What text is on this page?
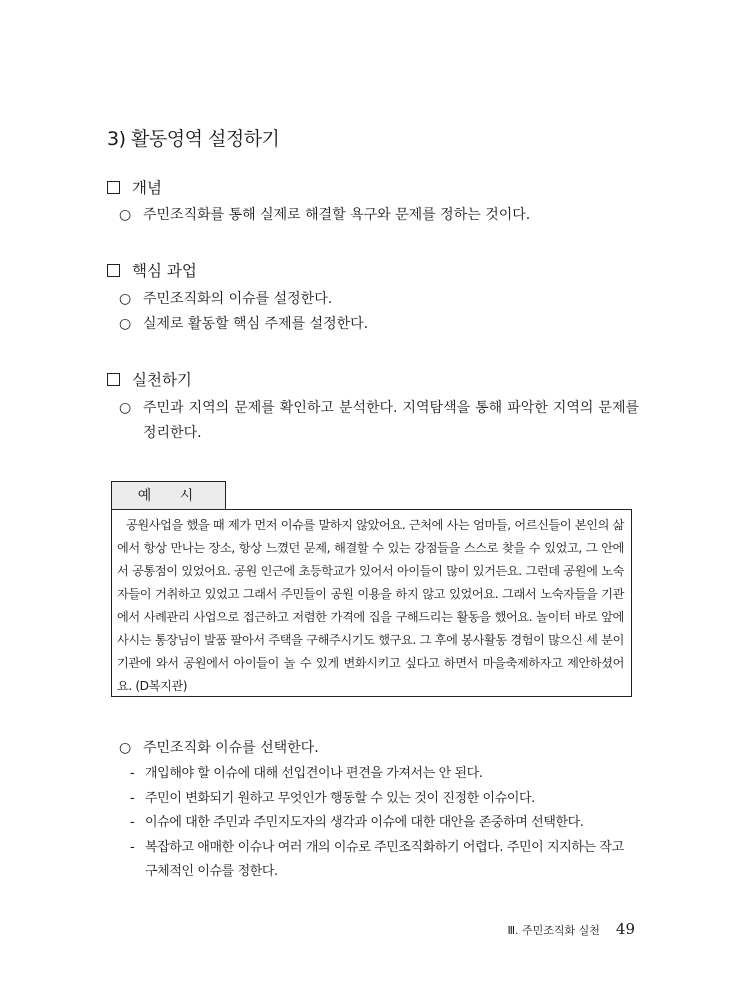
3) 활동영역 설정하기
개념
○ 주민조직화를 통해 실제로 해결할 욕구와 문제를 정하는 것이다.
핵심 과업
○ 주민조직화의 이슈를 설정한다.
○ 실제로 활동할 핵심 주제를 설정한다.
실천하기
○ 주민과 지역의 문제를 확인하고 분석한다. 지역탐색을 통해 파악한 지역의 문제를 정리한다.
예 시

공원사업을 했을 때 제가 먼저 이슈를 말하지 않았어요. 근처에 사는 엄마들, 어르신들이 본인의 삶에서 항상 만나는 장소, 항상 느꼈던 문제, 해결할 수 있는 강점들을 스스로 찾을 수 있었고, 그 안에서 공통점이 있었어요. 공원 인근에 초등학교가 있어서 아이들이 많이 있거든요. 그런데 공원에 노숙자들이 거취하고 있었고 그래서 주민들이 공원 이용을 하지 않고 있었어요. 그래서 노숙자들을 기관에서 사례관리 사업으로 접근하고 저렴한 가격에 집을 구해드리는 활동을 했어요. 놀이터 바로 앞에 사시는 통장님이 발품 팔아서 주택을 구해주시기도 했구요. 그 후에 봉사활동 경험이 많으신 세 분이 기관에 와서 공원에서 아이들이 놀 수 있게 변화시키고 싶다고 하면서 마을축제하자고 제안하셨어요. (D복지관)

○ 주민조직화 이슈를 선택한다.
- 개입해야 할 이슈에 대해 선입견이나 편견을 가져서는 안 된다.
- 주민이 변화되기 원하고 무엇인가 행동할 수 있는 것이 진정한 이슈이다.
- 이슈에 대한 주민과 주민지도자의 생각과 이슈에 대한 대안을 존중하며 선택한다.
- 복잡하고 애매한 이슈나 여러 개의 이슈로 주민조직화하기 어렵다. 주민이 지지하는 작고 구체적인 이슈를 정한다.
Ⅲ. 주민조직화 실천 49
